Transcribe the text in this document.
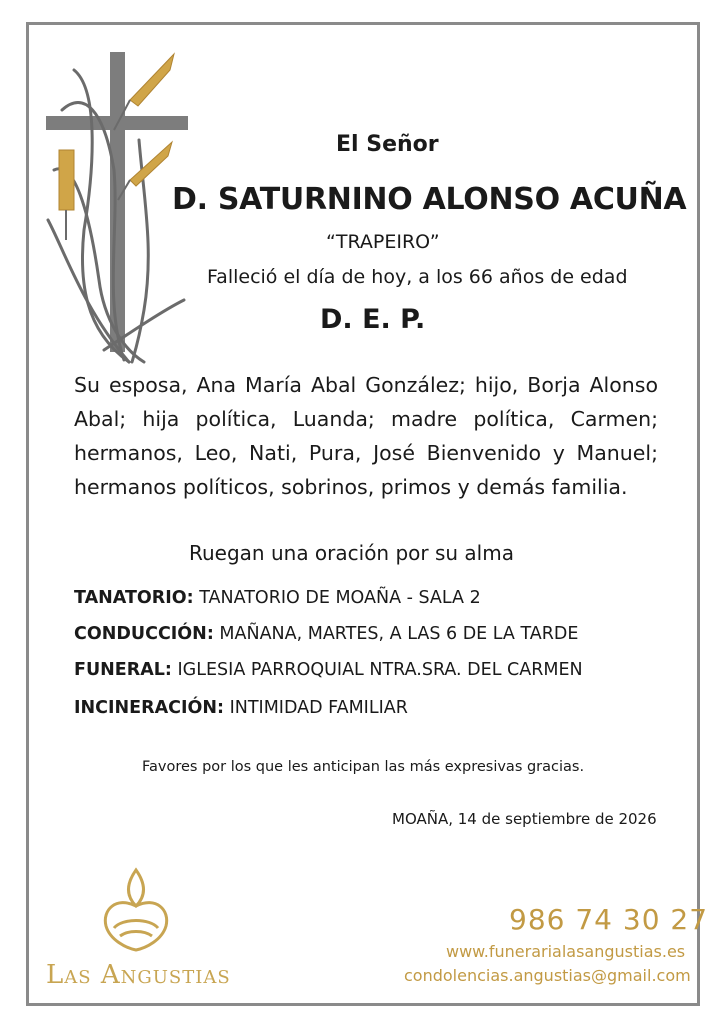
El Señor
D. SATURNINO ALONSO ACUÑA
“TRAPEIRO”
Falleció el día de hoy, a los 66 años de edad
D. E. P.
Su esposa, Ana María Abal González; hijo, Borja Alonso Abal; hija política, Luanda; madre política, Carmen; hermanos, Leo, Nati, Pura, José Bienvenido y Manuel; hermanos políticos, sobrinos, primos y demás familia.
Ruegan una oración por su alma
TANATORIO: TANATORIO DE MOAÑA - SALA 2
CONDUCCIÓN: MAÑANA, MARTES, A LAS 6 DE LA TARDE
FUNERAL: IGLESIA PARROQUIAL NTRA.SRA. DEL CARMEN
INCINERACIÓN: INTIMIDAD FAMILIAR
Favores por los que les anticipan las más expresivas gracias.
MOAÑA, 14 de septiembre de 2026
Las Angustias
986 74 30 27
www.funerarialasangustias.es
condolencias.angustias@gmail.com
